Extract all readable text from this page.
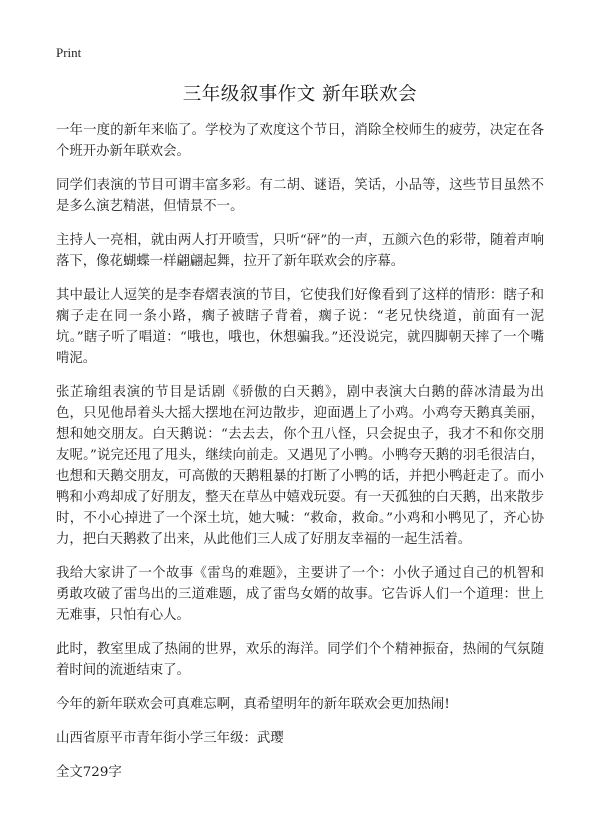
Print
三年级叙事作文 新年联欢会

一年一度的新年来临了。学校为了欢度这个节日，消除全校师生的疲劳，决定在各个班开办新年联欢会。

同学们表演的节目可谓丰富多彩。有二胡、谜语，笑话，小品等，这些节目虽然不是多么演艺精湛，但情景不一。

主持人一亮相，就由两人打开喷雪，只听“砰”的一声，五颜六色的彩带，随着声响落下，像花蝴蝶一样翩翩起舞，拉开了新年联欢会的序幕。

其中最让人逗笑的是李春熠表演的节目，它使我们好像看到了这样的情形：瞎子和瘸子走在同一条小路，瘸子被瞎子背着，瘸子说：“老兄快绕道，前面有一泥坑。”瞎子听了唱道：“哦也，哦也，休想骗我。”还没说完，就四脚朝天摔了一个嘴啃泥。

张芷瑜组表演的节目是话剧《骄傲的白天鹅》，剧中表演大白鹅的薛冰清最为出色，只见他昂着头大摇大摆地在河边散步，迎面遇上了小鸡。小鸡夸天鹅真美丽，想和她交朋友。白天鹅说：“去去去，你个丑八怪，只会捉虫子，我才不和你交朋友呢。”说完还甩了甩头，继续向前走。又遇见了小鸭。小鸭夸天鹅的羽毛很洁白，也想和天鹅交朋友，可高傲的天鹅粗暴的打断了小鸭的话，并把小鸭赶走了。而小鸭和小鸡却成了好朋友，整天在草丛中嬉戏玩耍。有一天孤独的白天鹅，出来散步时，不小心掉进了一个深土坑，她大喊：“救命，救命。”小鸡和小鸭见了，齐心协力，把白天鹅救了出来，从此他们三人成了好朋友幸福的一起生活着。

我给大家讲了一个故事《雷鸟的难题》，主要讲了一个：小伙子通过自己的机智和勇敢攻破了雷鸟出的三道难题，成了雷鸟女婿的故事。它告诉人们一个道理：世上无难事，只怕有心人。

此时，教室里成了热闹的世界，欢乐的海洋。同学们个个精神振奋，热闹的气氛随着时间的流逝结束了。

今年的新年联欢会可真难忘啊，真希望明年的新年联欢会更加热闹!

山西省原平市青年街小学三年级：武璎

全文729字
